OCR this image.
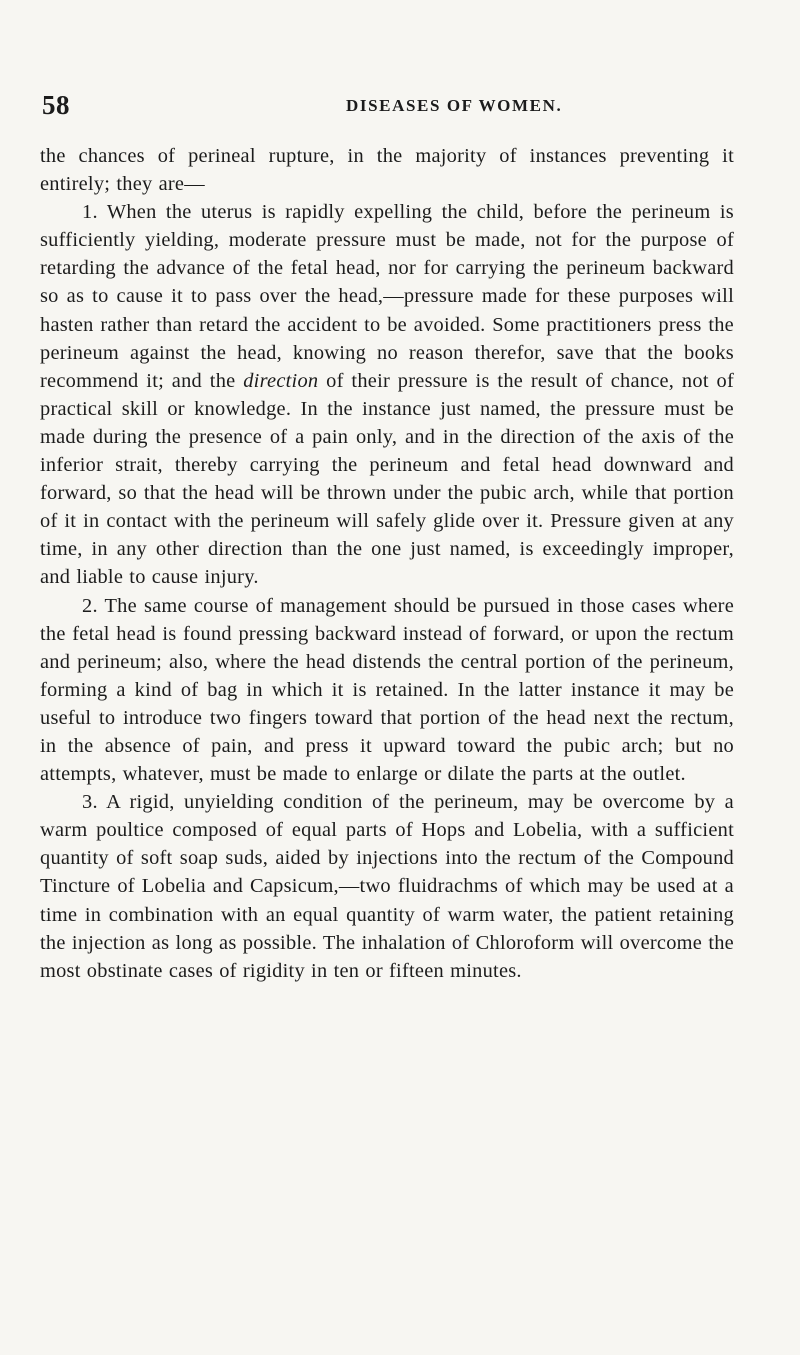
58	DISEASES OF WOMEN.

the chances of perineal rupture, in the majority of instances preventing it entirely; they are—

1. When the uterus is rapidly expelling the child, before the perineum is sufficiently yielding, moderate pressure must be made, not for the purpose of retarding the advance of the fetal head, nor for carrying the perineum backward so as to cause it to pass over the head,—pressure made for these purposes will hasten rather than retard the accident to be avoided. Some practitioners press the perineum against the head, knowing no reason therefor, save that the books recommend it; and the direction of their pressure is the result of chance, not of practical skill or knowledge. In the instance just named, the pressure must be made during the presence of a pain only, and in the direction of the axis of the inferior strait, thereby carrying the perineum and fetal head downward and forward, so that the head will be thrown under the pubic arch, while that portion of it in contact with the perineum will safely glide over it. Pressure given at any time, in any other direction than the one just named, is exceedingly improper, and liable to cause injury.

2. The same course of management should be pursued in those cases where the fetal head is found pressing backward instead of forward, or upon the rectum and perineum; also, where the head distends the central portion of the perineum, forming a kind of bag in which it is retained. In the latter instance it may be useful to introduce two fingers toward that portion of the head next the rectum, in the absence of pain, and press it upward toward the pubic arch; but no attempts, whatever, must be made to enlarge or dilate the parts at the outlet.

3. A rigid, unyielding condition of the perineum, may be overcome by a warm poultice composed of equal parts of Hops and Lobelia, with a sufficient quantity of soft soap suds, aided by injections into the rectum of the Compound Tincture of Lobelia and Capsicum,—two fluidrachms of which may be used at a time in combination with an equal quantity of warm water, the patient retaining the injection as long as possible. The inhalation of Chloroform will overcome the most obstinate cases of rigidity in ten or fifteen minutes.
